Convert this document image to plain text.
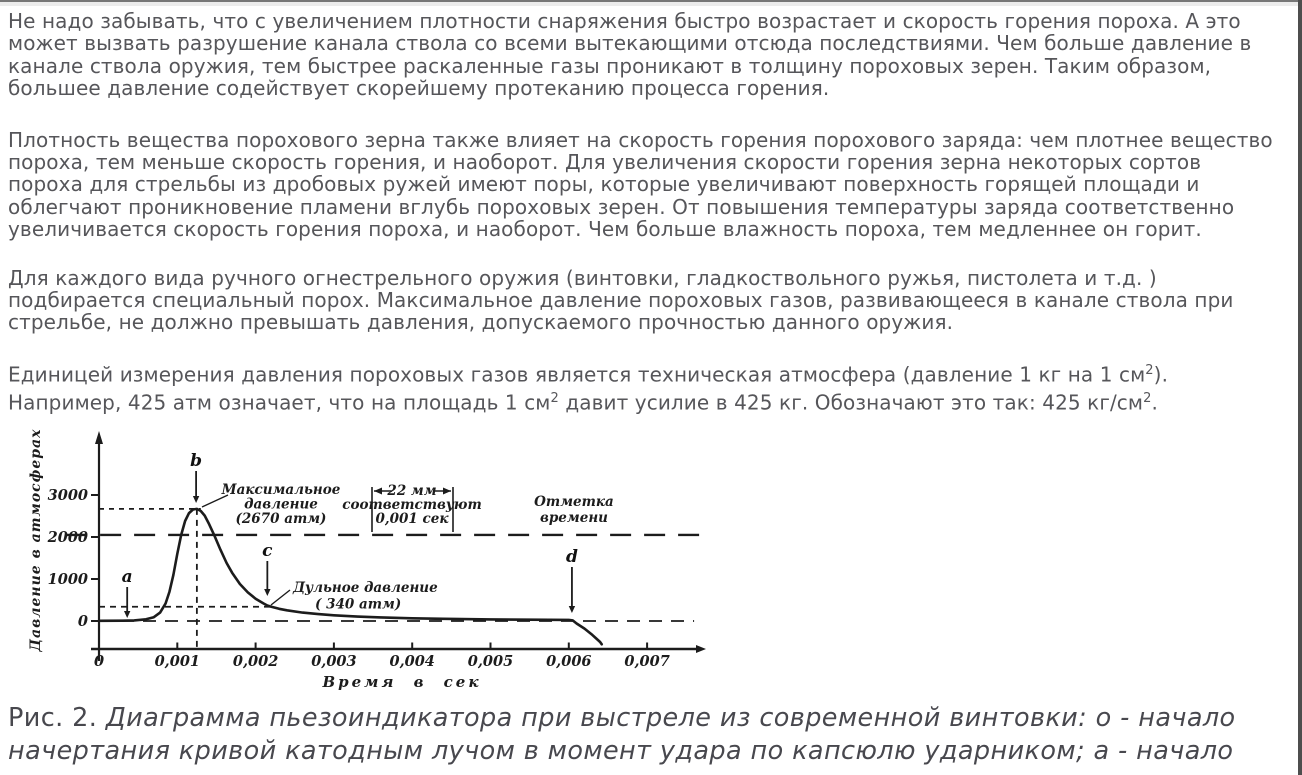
Не надо забывать, что с увеличением плотности снаряжения быстро возрастает и скорость горения пороха. А это
может вызвать разрушение канала ствола со всеми вытекающими отсюда последствиями. Чем больше давление в
канале ствола оружия, тем быстрее раскаленные газы проникают в толщину пороховых зерен. Таким образом,
большее давление содействует скорейшему протеканию процесса горения.
Плотность вещества порохового зерна также влияет на скорость горения порохового заряда: чем плотнее вещество
пороха, тем меньше скорость горения, и наоборот. Для увеличения скорости горения зерна некоторых сортов
пороха для стрельбы из дробовых ружей имеют поры, которые увеличивают поверхность горящей площади и
облегчают проникновение пламени вглубь пороховых зерен. От повышения температуры заряда соответственно
увеличивается скорость горения пороха, и наоборот. Чем больше влажность пороха, тем медленнее он горит.
Для каждого вида ручного огнестрельного оружия (винтовки, гладкоствольного ружья, пистолета и т.д. )
подбирается специальный порох. Максимальное давление пороховых газов, развивающееся в канале ствола при
стрельбе, не должно превышать давления, допускаемого прочностью данного оружия.
Единицей измерения давления пороховых газов является техническая атмосфера (давление 1 кг на 1 $см^2$).
Например, 425 атм означает, что на площадь 1 $см^2$ давит усилие в 425 кг. Обозначают это так: 425 $кг/см^2$.
3000
2000
1000
0
0	0,001 0,002 0,003 0,004 0,005 0,006 0,007
Давление в атмосферах
Время в сек
a
b
c	d
Максимальное
давление
(2670 атм)
Дульное давление
( 340 атм)
Отметка
времени
22 мм
соответствуют
0,001 сек
Рис. 2. Диаграмма пьезоиндикатора при выстреле из современной винтовки: о - начало
начертания кривой катодным лучом в момент удара по капсюлю ударником; а - начало
